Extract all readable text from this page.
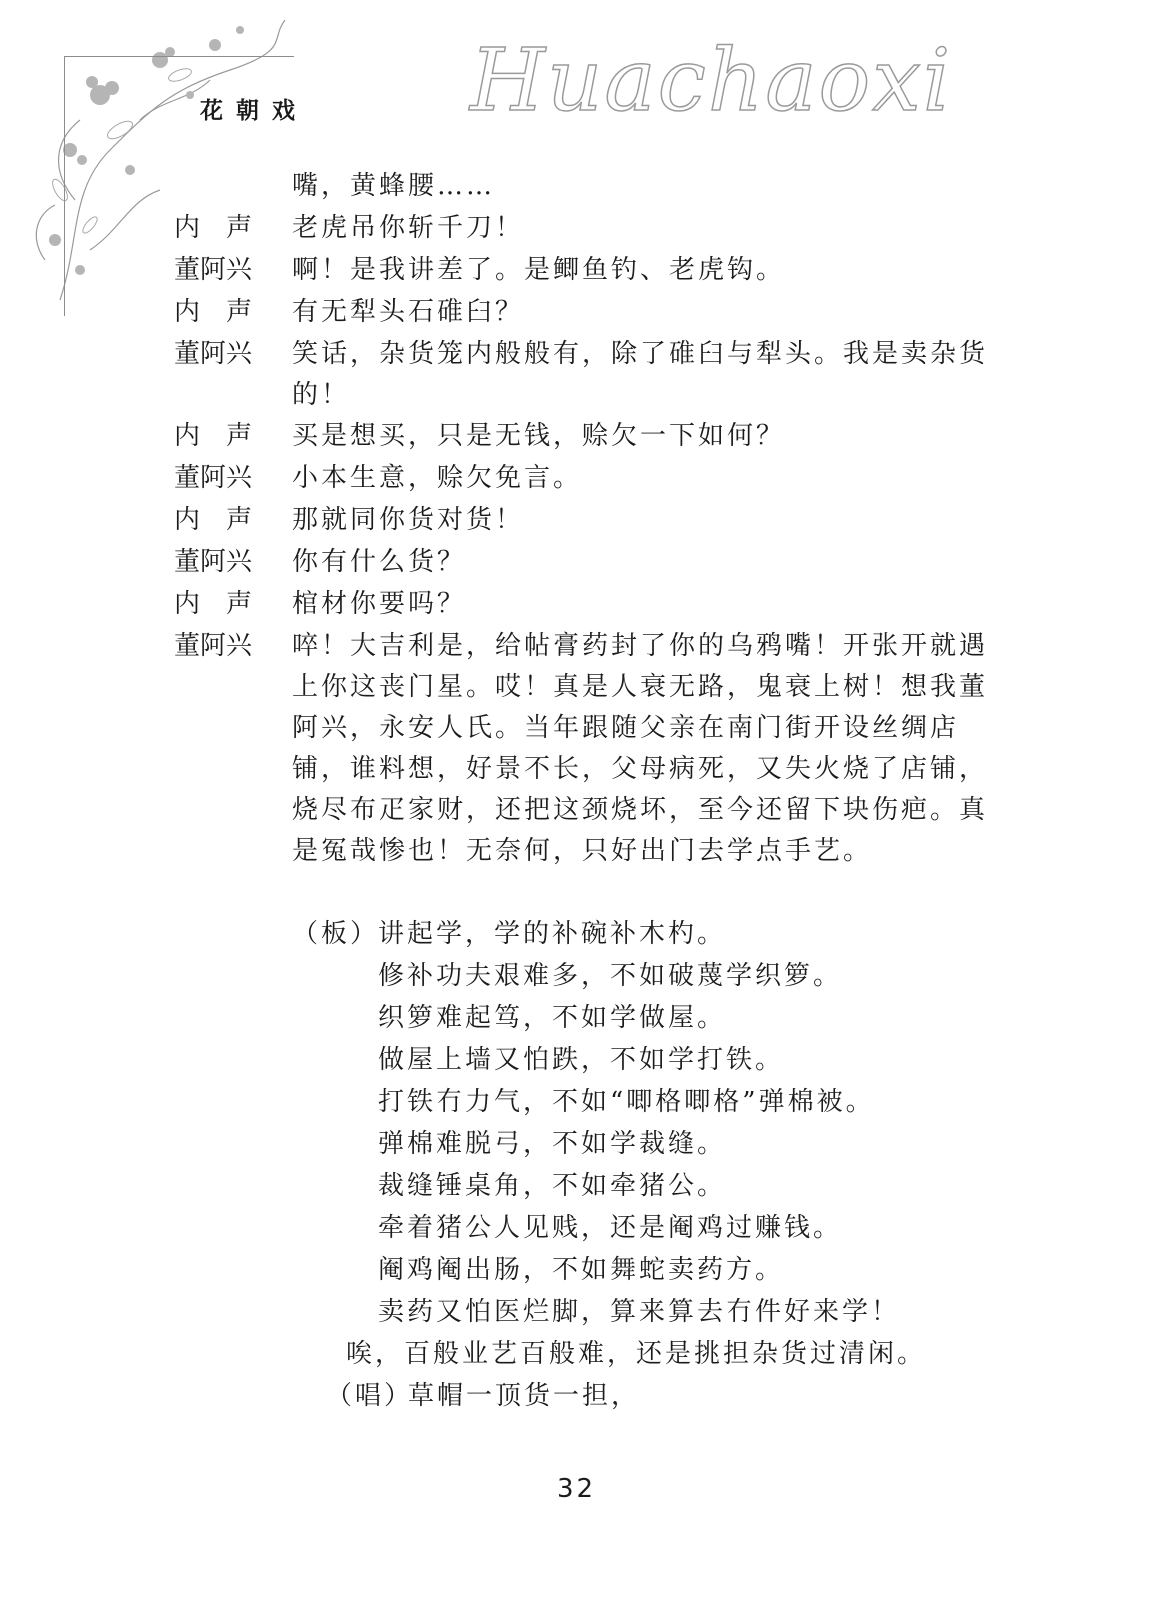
Huachaoxi
花朝戏
嘴，黄蜂腰……
内　声	老虎吊你斩千刀！
董阿兴	啊！是我讲差了。是鲫鱼钓、老虎钩。
内　声	有无犁头石碓臼？
董阿兴	笑话，杂货笼内般般有，除了碓臼与犁头。我是卖杂货的！
内　声	买是想买，只是无钱，赊欠一下如何？
董阿兴	小本生意，赊欠免言。
内　声	那就同你货对货！
董阿兴	你有什么货？
内　声	棺材你要吗？
董阿兴	啐！大吉利是，给帖膏药封了你的乌鸦嘴！开张开就遇上你这丧门星。哎！真是人衰无路，鬼衰上树！想我董阿兴，永安人氏。当年跟随父亲在南门街开设丝绸店铺，谁料想，好景不长，父母病死，又失火烧了店铺，烧尽布疋家财，还把这颈烧坏，至今还留下块伤疤。真是冤哉惨也！无奈何，只好出门去学点手艺。
（板）
讲起学，学的补碗补木杓。
修补功夫艰难多，不如破蔑学织箩。
织箩难起笃，不如学做屋。
做屋上墙又怕跌，不如学打铁。
打铁冇力气，不如“唧格唧格”弹棉被。
弹棉难脱弓，不如学裁缝。
裁缝锤桌角，不如牵猪公。
牵着猪公人见贱，还是阉鸡过赚钱。
阉鸡阉出肠，不如舞蛇卖药方。
卖药又怕医烂脚，算来算去冇件好来学！
唉，百般业艺百般难，还是挑担杂货过清闲。
（唱）
草帽一顶货一担，
32
